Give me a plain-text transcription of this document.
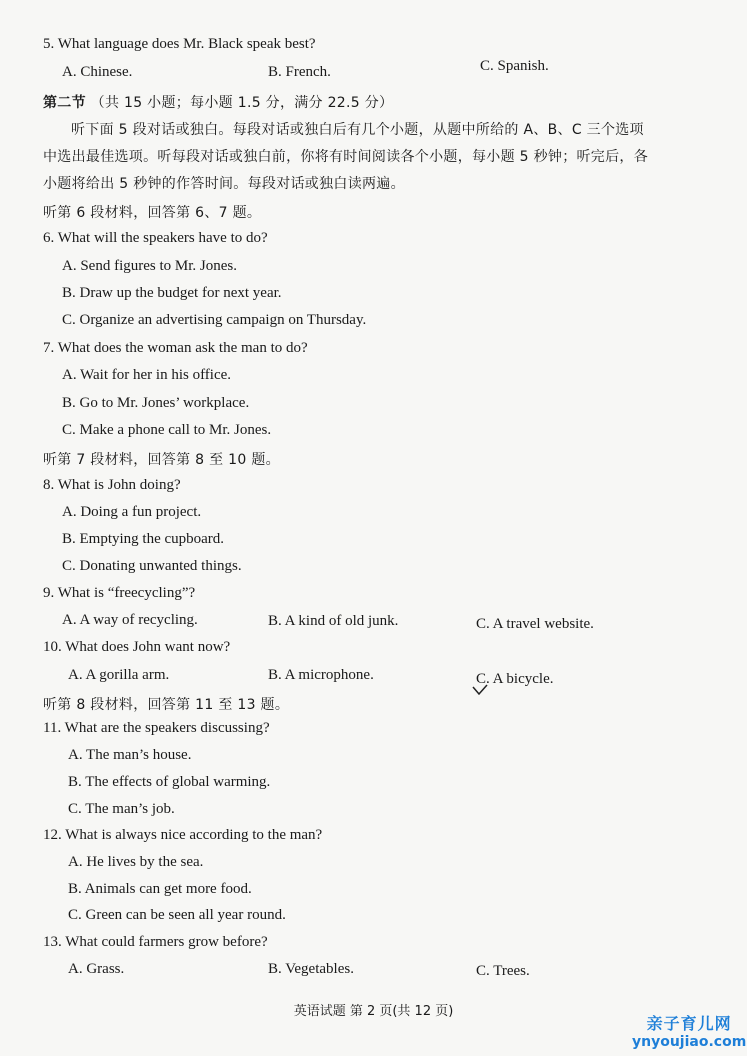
5. What language does Mr. Black speak best?
A. Chinese.	B. French.	C. Spanish.
第二节 （共 15 小题；每小题 1.5 分，满分 22.5 分）
听下面 5 段对话或独白。每段对话或独白后有几个小题，从题中所给的 A、B、C 三个选项
中选出最佳选项。听每段对话或独白前，你将有时间阅读各个小题，每小题 5 秒钟；听完后，各
小题将给出 5 秒钟的作答时间。每段对话或独白读两遍。
听第 6 段材料，回答第 6、7 题。
6. What will the speakers have to do?
A. Send figures to Mr. Jones.
B. Draw up the budget for next year.
C. Organize an advertising campaign on Thursday.
7. What does the woman ask the man to do?
A. Wait for her in his office.
B. Go to Mr. Jones’ workplace.
C. Make a phone call to Mr. Jones.
听第 7 段材料，回答第 8 至 10 题。
8. What is John doing?
A. Doing a fun project.
B. Emptying the cupboard.
C. Donating unwanted things.
9. What is “freecycling”?
A. A way of recycling.	B. A kind of old junk.	C. A travel website.
10. What does John want now?
A. A gorilla arm.	B. A microphone.	C. A bicycle.
听第 8 段材料，回答第 11 至 13 题。
11. What are the speakers discussing?
A. The man’s house.
B. The effects of global warming.
C. The man’s job.
12. What is always nice according to the man?
A. He lives by the sea.
B. Animals can get more food.
C. Green can be seen all year round.
13. What could farmers grow before?
A. Grass.	B. Vegetables.	C. Trees.
英语试题 第 2 页(共 12 页)
亲子育儿网
ynyoujiao.com
